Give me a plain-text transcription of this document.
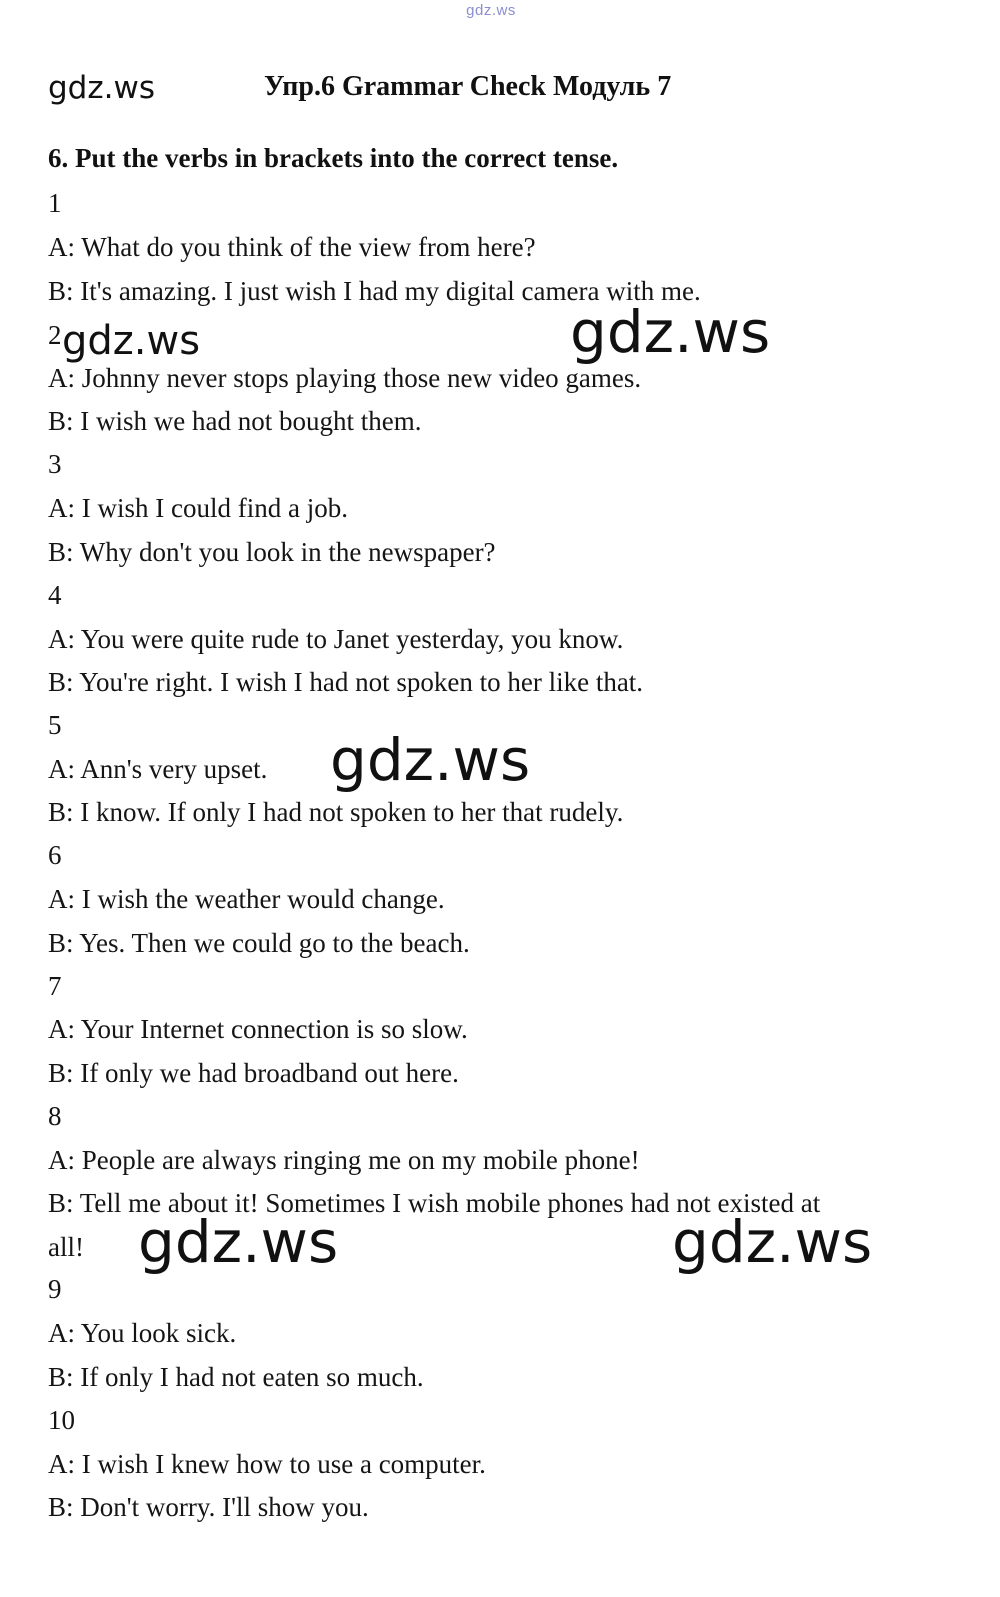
gdz.ws
gdz.ws	Упр.6 Grammar Check Модуль 7
6. Put the verbs in brackets into the correct tense.
1
A: What do you think of the view from here?
B: It's amazing. I just wish I had my digital camera with me.
2
A: Johnny never stops playing those new video games.
B: I wish we had not bought them.
3
A: I wish I could find a job.
B: Why don't you look in the newspaper?
4
A: You were quite rude to Janet yesterday, you know.
B: You're right. I wish I had not spoken to her like that.
5
A: Ann's very upset.
B: I know. If only I had not spoken to her that rudely.
6
A: I wish the weather would change.
B: Yes. Then we could go to the beach.
7
A: Your Internet connection is so slow.
B: If only we had broadband out here.
8
A: People are always ringing me on my mobile phone!
B: Tell me about it! Sometimes I wish mobile phones had not existed at
all!
9
A: You look sick.
B: If only I had not eaten so much.
10
A: I wish I knew how to use a computer.
B: Don't worry. I'll show you.
gdz.ws	gdz.ws
gdz.ws
gdz.ws	gdz.ws
